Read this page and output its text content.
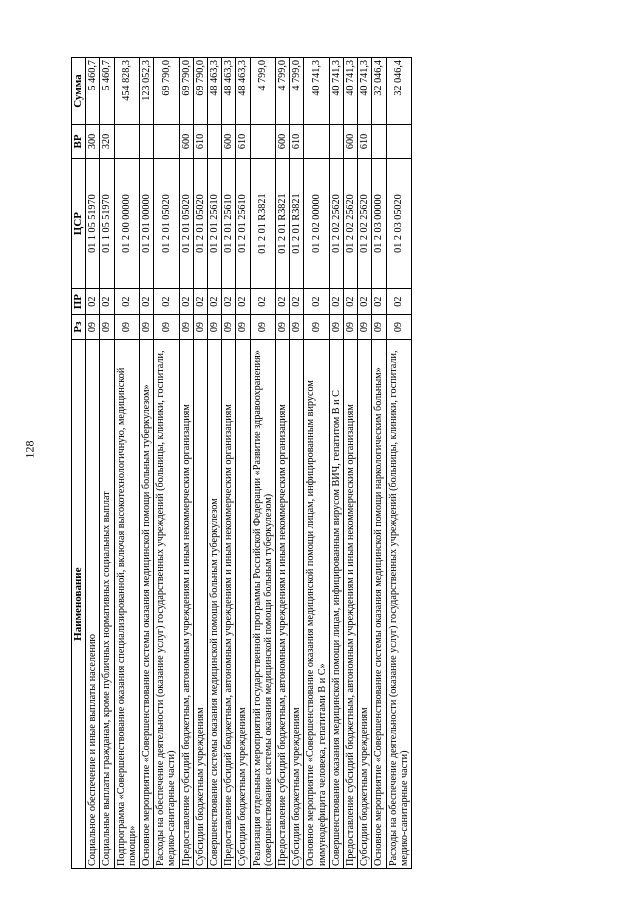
128
Наименование	Рз	ПР	ЦСР	ВР	Сумма
Социальное обеспечение и иные выплаты населению	09	02	01 1 05 51970	300	5 460,7
Социальные выплаты гражданам, кроме публичных нормативных социальных выплат	09	02	01 1 05 51970	320	5 460,7
Подпрограмма «Совершенствование оказания специализированной, включая высокотехнологичную, медицинской помощи»	09	02	01 2 00 00000		454 828,3
Основное мероприятие «Совершенствование системы оказания медицинской помощи больным туберкулезом»	09	02	01 2 01 00000		123 052,3
Расходы на обеспечение деятельности (оказание услуг) государственных учреждений (больницы, клиники, госпитали, медико-санитарные части)	09	02	01 2 01 05020		69 790,0
Предоставление субсидий бюджетным, автономным учреждениям и иным некоммерческим организациям	09	02	01 2 01 05020	600	69 790,0
Субсидии бюджетным учреждениям	09	02	01 2 01 05020	610	69 790,0
Совершенствование системы оказания медицинской помощи больным туберкулезом	09	02	01 2 01 25610		48 463,3
Предоставление субсидий бюджетным, автономным учреждениям и иным некоммерческим организациям	09	02	01 2 01 25610	600	48 463,3
Субсидии бюджетным учреждениям	09	02	01 2 01 25610	610	48 463,3
Реализация отдельных мероприятий государственной программы Российской Федерации «Развитие здравоохранения» (совершенствование системы оказания медицинской помощи больным туберкулезом)	09	02	01 2 01 R3821		4 799,0
Предоставление субсидий бюджетным, автономным учреждениям и иным некоммерческим организациям	09	02	01 2 01 R3821	600	4 799,0
Субсидии бюджетным учреждениям	09	02	01 2 01 R3821	610	4 799,0
Основное мероприятие «Совершенствование оказания медицинской помощи лицам, инфицированным вирусом иммунодефицита человека, гепатитами В и С»	09	02	01 2 02 00000		40 741,3
Совершенствование оказания медицинской помощи лицам, инфицированным вирусом ВИЧ, гепатитом В и С	09	02	01 2 02 25620		40 741,3
Предоставление субсидий бюджетным, автономным учреждениям и иным некоммерческим организациям	09	02	01 2 02 25620	600	40 741,3
Субсидии бюджетным учреждениям	09	02	01 2 02 25620	610	40 741,3
Основное мероприятие «Совершенствование системы оказания медицинской помощи наркологическим больным»	09	02	01 2 03 00000		32 046,4
Расходы на обеспечение деятельности (оказание услуг) государственных учреждений (больницы, клиники, госпитали, медико-санитарные части)	09	02	01 2 03 05020		32 046,4
